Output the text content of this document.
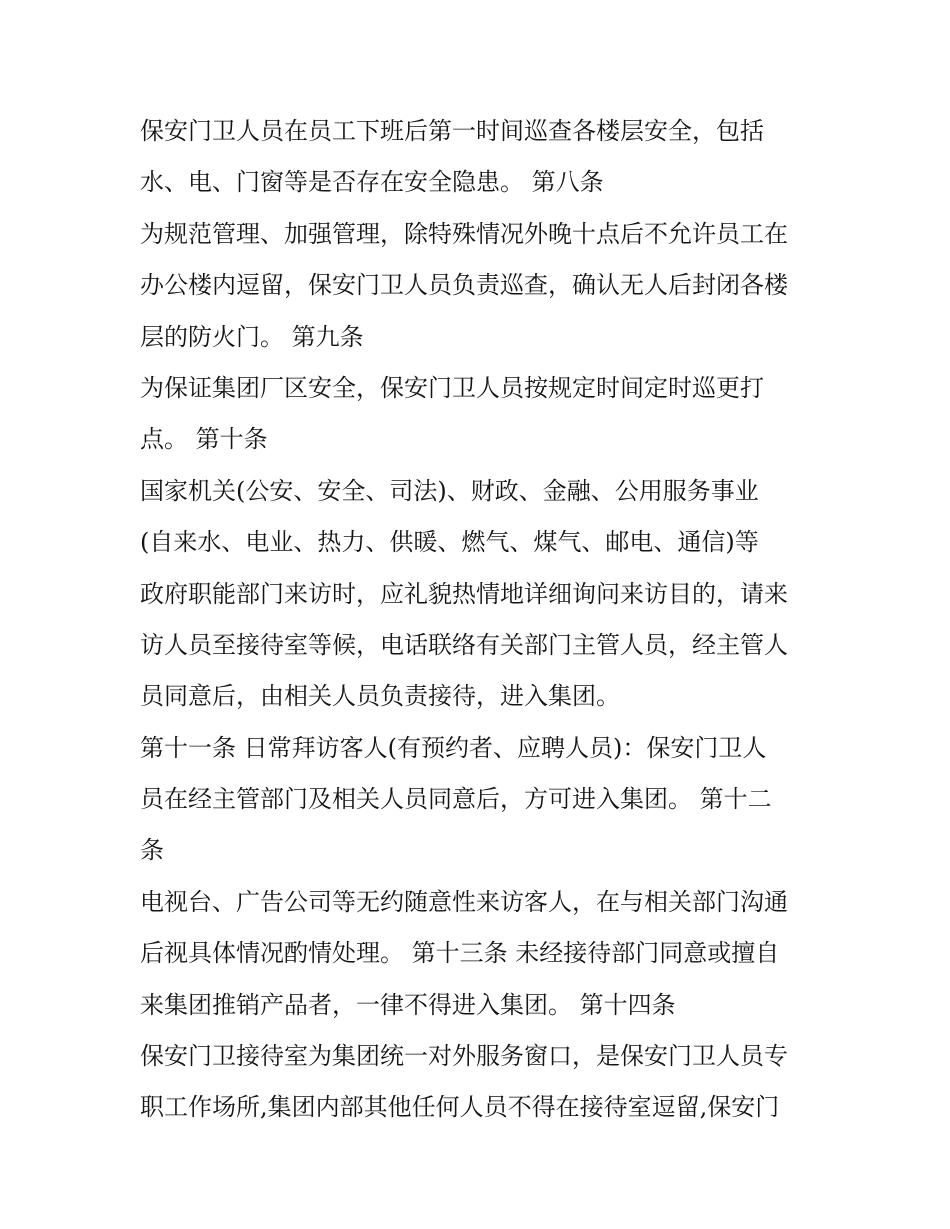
保安门卫人员在员工下班后第一时间巡查各楼层安全，包括
水、电、门窗等是否存在安全隐患。 第八条
为规范管理、加强管理，除特殊情况外晚十点后不允许员工在
办公楼内逗留，保安门卫人员负责巡查，确认无人后封闭各楼
层的防火门。 第九条
为保证集团厂区安全，保安门卫人员按规定时间定时巡更打
点。 第十条
国家机关(公安、安全、司法)、财政、金融、公用服务事业
(自来水、电业、热力、供暖、燃气、煤气、邮电、通信)等
政府职能部门来访时，应礼貌热情地详细询问来访目的，请来
访人员至接待室等候，电话联络有关部门主管人员，经主管人
员同意后，由相关人员负责接待，进入集团。
第十一条 日常拜访客人(有预约者、应聘人员)：保安门卫人
员在经主管部门及相关人员同意后，方可进入集团。 第十二
条
电视台、广告公司等无约随意性来访客人，在与相关部门沟通
后视具体情况酌情处理。 第十三条 未经接待部门同意或擅自
来集团推销产品者，一律不得进入集团。 第十四条
保安门卫接待室为集团统一对外服务窗口，是保安门卫人员专
职工作场所,集团内部其他任何人员不得在接待室逗留,保安门
